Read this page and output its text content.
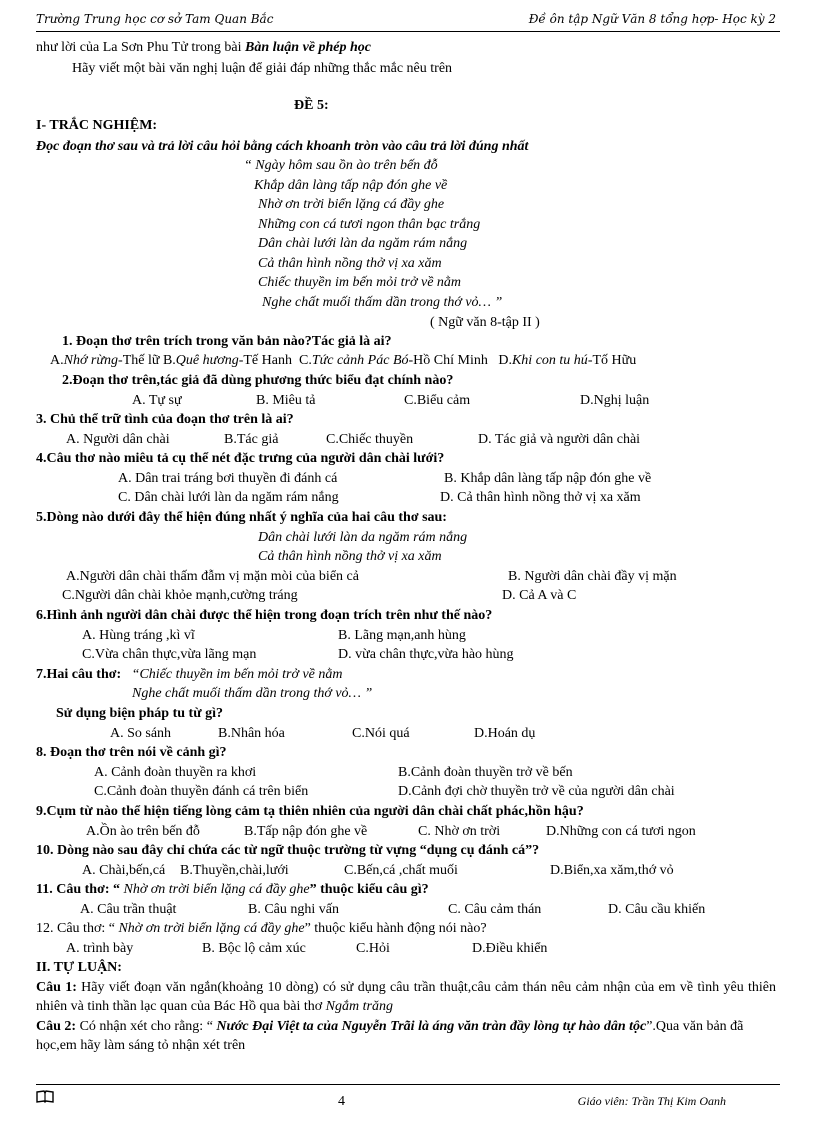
Trường Trung học cơ sở Tam Quan Bắc	Đề ôn tập Ngữ Văn 8 tổng hợp- Học kỳ 2
như lời của La Sơn Phu Tử trong bài Bàn luận về phép học
Hãy viết một bài văn nghị luận để giải đáp những thắc mắc nêu trên
ĐỀ 5:
I- TRẮC NGHIỆM:
Đọc đoạn thơ sau và trả lời câu hỏi bằng cách khoanh tròn vào câu trả lời đúng nhất
“ Ngày hôm sau ồn ào trên bến đỗ
Khắp dân làng tấp nập đón ghe về
Nhờ ơn trời biển lặng cá đầy ghe
Những con cá tươi ngon thân bạc trắng
Dân chài lưới làn da ngăm rám nắng
Cả thân hình nồng thở vị xa xăm
Chiếc thuyền im bến mỏi trở về nằm
Nghe chất muối thấm dần trong thớ vỏ… ”
( Ngữ văn 8-tập II )
1. Đoạn thơ trên trích trong văn bản nào?Tác giả là ai?
A.Nhớ rừng-Thế lữ B.Quê hương-Tế Hanh  C.Tức cảnh Pác Bó-Hồ Chí Minh   D.Khi con tu hú-Tố Hữu
2.Đoạn thơ trên,tác giả đã dùng phương thức biểu đạt chính nào?
A. Tự sự	B. Miêu tả	C.Biểu cảm	D.Nghị luận
3. Chủ thể trữ tình của đoạn thơ trên là ai?
A. Người dân chài	B.Tác giả	C.Chiếc thuyền	D. Tác giả và người dân chài
4.Câu thơ nào miêu tả cụ thể nét đặc trưng của người dân chài lưới?
A. Dân trai tráng bơi thuyền đi đánh cá	B. Khắp dân làng tấp nập đón ghe về
C. Dân chài lưới làn da ngăm rám nắng	D. Cả thân hình nồng thở vị xa xăm
5.Dòng nào dưới đây thể hiện đúng nhất ý nghĩa của hai câu thơ sau:
Dân chài lưới làn da ngăm rám nắng
Cả thân hình nồng thở vị xa xăm
A.Người dân chài thấm đẫm vị mặn mòi của biển cả	B. Người dân chài đầy vị mặn
C.Người dân chài khỏe mạnh,cường tráng	D. Cả A và C
6.Hình ảnh người dân chài được thể hiện trong đoạn trích trên như thế nào?
A. Hùng tráng ,kì vĩ	B. Lãng mạn,anh hùng
C.Vừa chân thực,vừa lãng mạn	D. vừa chân thực,vừa hào hùng
7.Hai câu thơ: “Chiếc thuyền im bến mỏi trở về nằm
Nghe chất muối thấm dần trong thớ vỏ… ”
Sử dụng biện pháp tu từ gì?
A. So sánh	B.Nhân hóa	C.Nói quá	D.Hoán dụ
8. Đoạn thơ trên nói về cảnh gì?
A. Cảnh đoàn thuyền ra khơi	B.Cảnh đoàn thuyền trở về bến
C.Cảnh đoàn thuyền đánh cá trên biển	D.Cảnh đợi chờ thuyền trở về của người dân chài
9.Cụm từ nào thể hiện tiếng lòng cảm tạ thiên nhiên của người dân chài chất phác,hồn hậu?
A.Ồn ào trên bến đỗ	B.Tấp nập đón ghe về	C. Nhờ ơn trời	D.Những con cá tươi ngon
10. Dòng nào sau đây chỉ chứa các từ ngữ thuộc trường từ vựng “dụng cụ đánh cá”?
A. Chài,bến,cá B.Thuyền,chài,lưới	C.Bến,cá ,chất muối	D.Biển,xa xăm,thớ vỏ
11. Câu thơ: “ Nhờ ơn trời biển lặng cá đầy ghe” thuộc kiểu câu gì?
A. Câu trần thuật	B. Câu nghi vấn	C. Câu cảm thán	D. Câu cầu khiến
12. Câu thơ: “ Nhờ ơn trời biển lặng cá đầy ghe” thuộc kiểu hành động nói nào?
A. trình bày	B. Bộc lộ cảm xúc	C.Hỏi	D.Điều khiển
II. TỰ LUẬN:
Câu 1: Hãy viết đoạn văn ngắn(khoảng 10 dòng) có sử dụng câu trần thuật,câu cảm thán nêu cảm nhận của em về tình yêu thiên nhiên và tinh thần lạc quan của Bác Hồ qua bài thơ Ngắm trăng
Câu 2: Có nhận xét cho rằng: “ Nước Đại Việt ta của Nguyễn Trãi là áng văn tràn đầy lòng tự hào dân tộc”.Qua văn bản đã học,em hãy làm sáng tỏ nhận xét trên
4	Giáo viên: Trần Thị Kim Oanh
